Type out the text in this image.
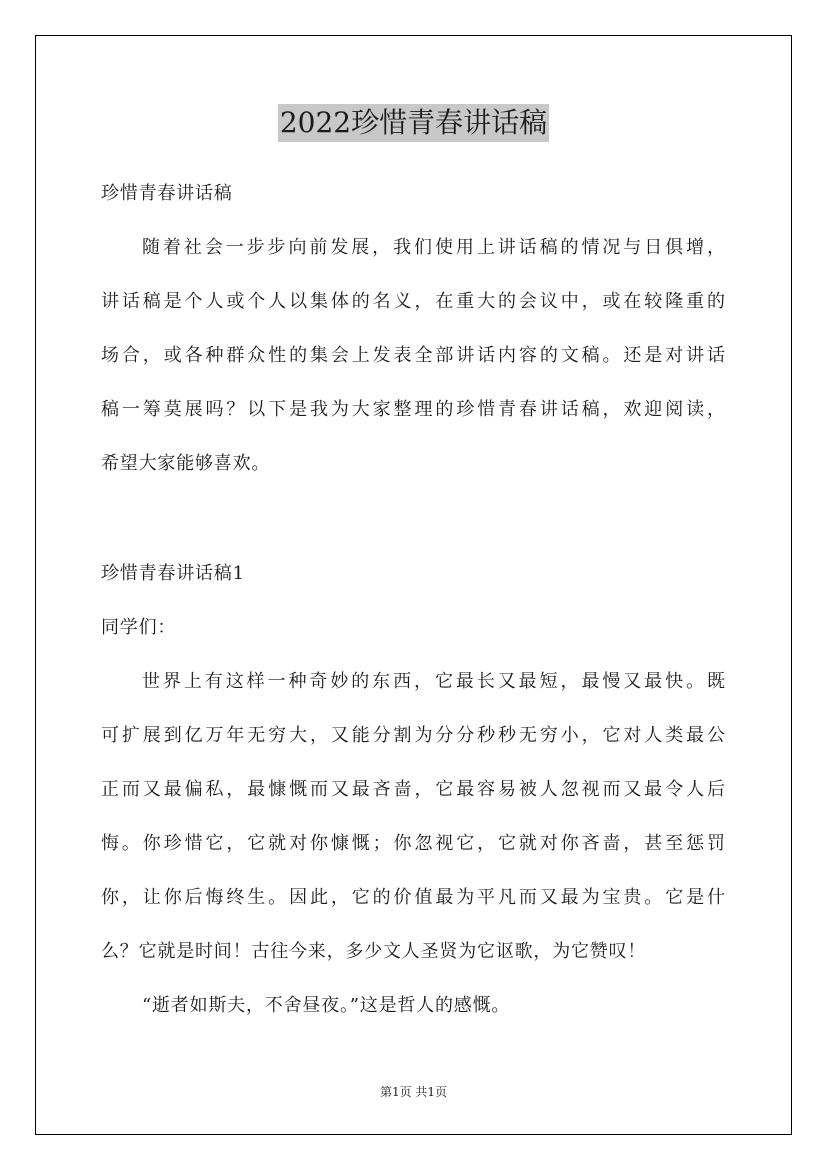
2022珍惜青春讲话稿
珍惜青春讲话稿
随着社会一步步向前发展，我们使用上讲话稿的情况与日俱增，
讲话稿是个人或个人以集体的名义，在重大的会议中，或在较隆重的
场合，或各种群众性的集会上发表全部讲话内容的文稿。还是对讲话
稿一筹莫展吗？以下是我为大家整理的珍惜青春讲话稿，欢迎阅读，
希望大家能够喜欢。
珍惜青春讲话稿1
同学们：
世界上有这样一种奇妙的东西，它最长又最短，最慢又最快。既
可扩展到亿万年无穷大，又能分割为分分秒秒无穷小，它对人类最公
正而又最偏私，最慷慨而又最吝啬，它最容易被人忽视而又最令人后
悔。你珍惜它，它就对你慷慨；你忽视它，它就对你吝啬，甚至惩罚
你，让你后悔终生。因此，它的价值最为平凡而又最为宝贵。它是什
么？它就是时间！古往今来，多少文人圣贤为它讴歌，为它赞叹！
“逝者如斯夫，不舍昼夜。”这是哲人的感慨。
第1页 共1页
